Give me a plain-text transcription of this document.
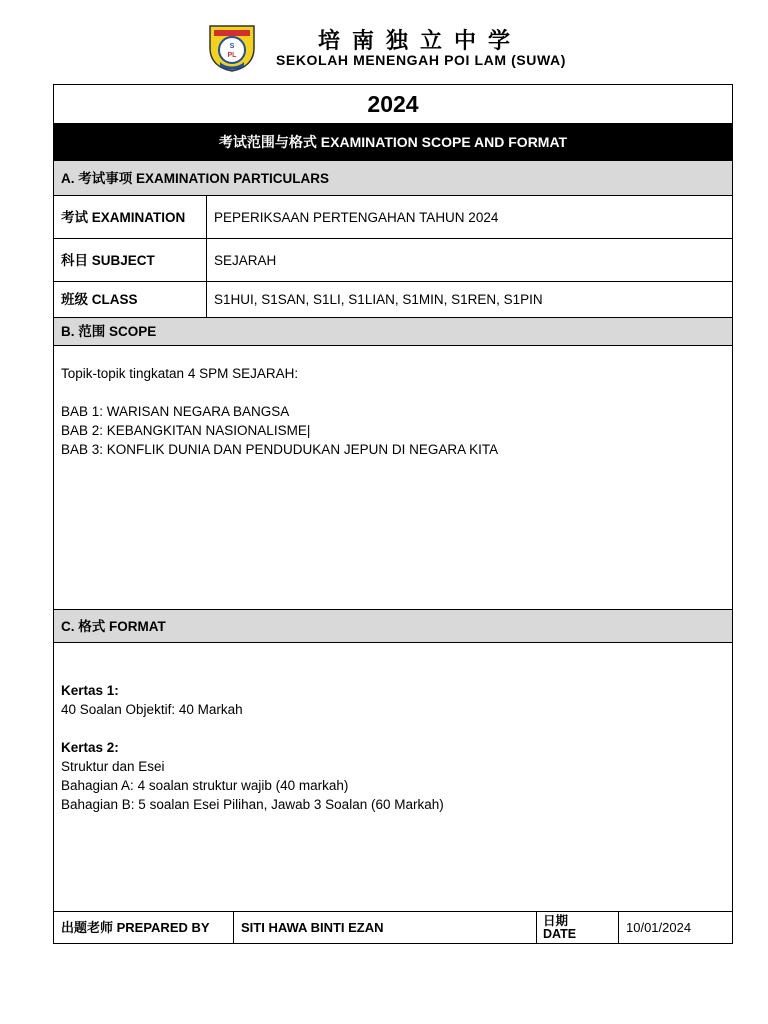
S
PL
培南独立中学
SEKOLAH MENENGAH POI LAM (SUWA)
2024
考试范围与格式 EXAMINATION SCOPE AND FORMAT
A. 考试事项 EXAMINATION PARTICULARS
考试 EXAMINATION	PEPERIKSAAN PERTENGAHAN TAHUN 2024
科目 SUBJECT	SEJARAH
班级 CLASS	S1HUI, S1SAN, S1LI, S1LIAN, S1MIN, S1REN, S1PIN
B. 范围 SCOPE
Topik-topik tingkatan 4 SPM SEJARAH:
BAB 1: WARISAN NEGARA BANGSA
BAB 2: KEBANGKITAN NASIONALISME|
BAB 3: KONFLIK DUNIA DAN PENDUDUKAN JEPUN DI NEGARA KITA
C. 格式 FORMAT
Kertas 1:
40 Soalan Objektif: 40 Markah
Kertas 2:
Struktur dan Esei
Bahagian A: 4 soalan struktur wajib (40 markah)
Bahagian B: 5 soalan Esei Pilihan, Jawab 3 Soalan (60 Markah)
出题老师 PREPARED BY	SITI HAWA BINTI EZAN	日期
DATE	10/01/2024
